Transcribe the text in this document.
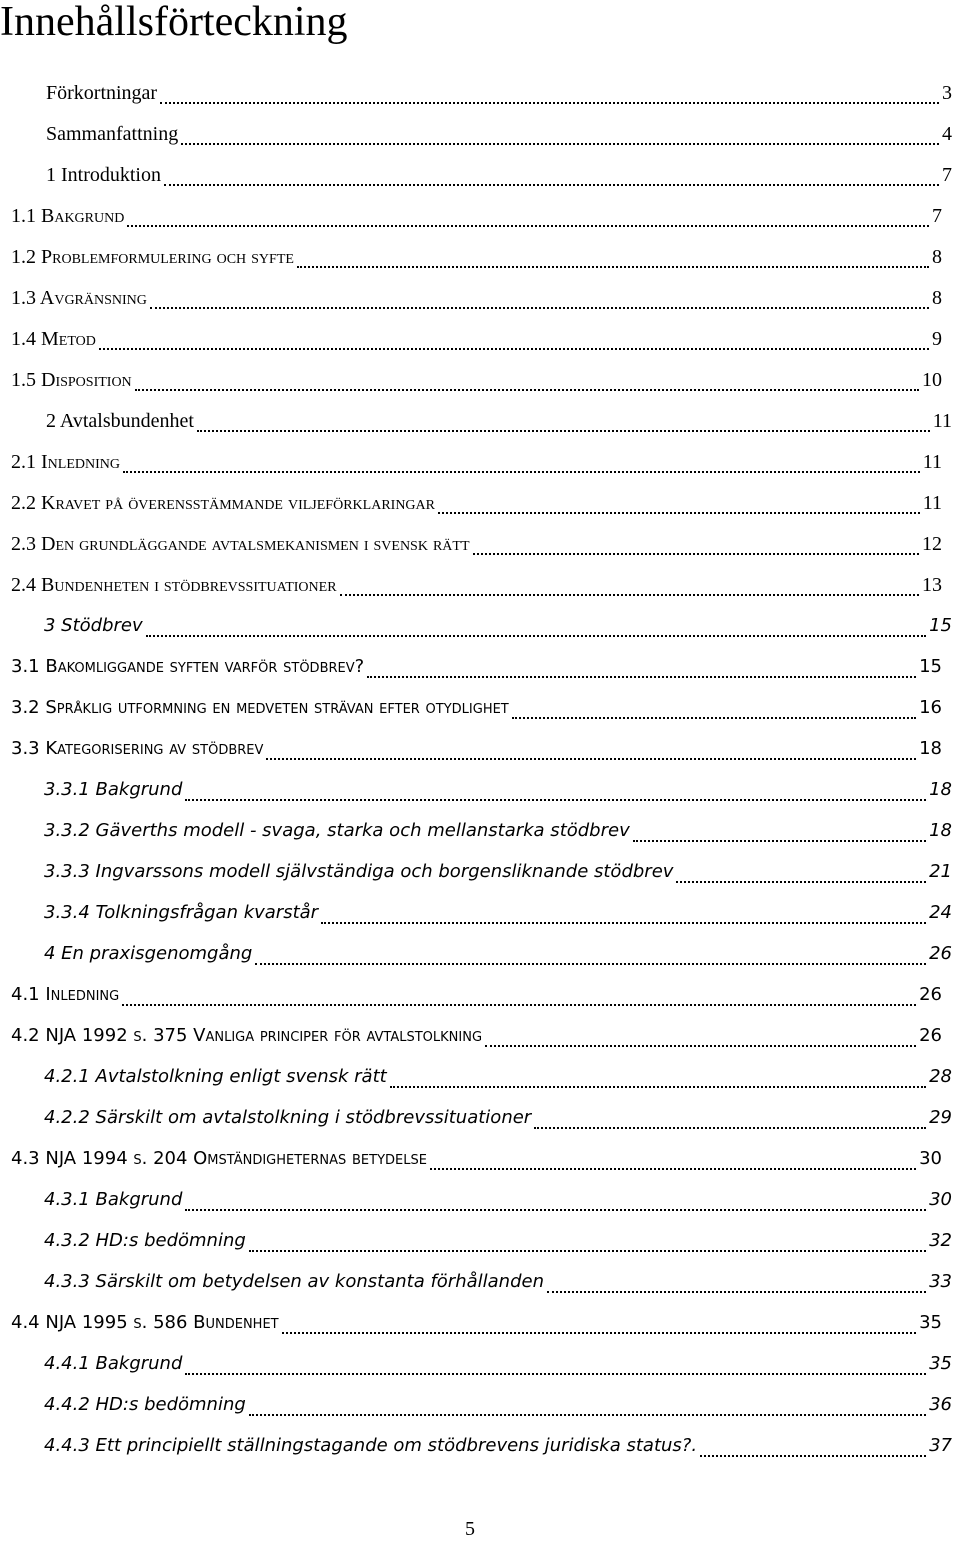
Innehållsförteckning
Förkortningar	3
Sammanfattning	4
1 Introduktion	7
1.1 Bakgrund	7
1.2 Problemformulering och syfte	8
1.3 Avgränsning	8
1.4 Metod	9
1.5 Disposition	10
2 Avtalsbundenhet	11
2.1 Inledning	11
2.2 Kravet på överensstämmande viljeförklaringar	11
2.3 Den grundläggande avtalsmekanismen i svensk rätt	12
2.4 Bundenheten i stödbrevssituationer	13
3 Stödbrev	15
3.1 Bakomliggande syften varför stödbrev?	15
3.2 Språklig utformning en medveten strävan efter otydlighet	16
3.3 Kategorisering av stödbrev	18
3.3.1 Bakgrund	18
3.3.2 Gäverths modell - svaga, starka och mellanstarka stödbrev	18
3.3.3 Ingvarssons modell självständiga och borgensliknande stödbrev	21
3.3.4 Tolkningsfrågan kvarstår	24
4 En praxisgenomgång	26
4.1 Inledning	26
4.2 NJA 1992 s. 375 Vanliga principer för avtalstolkning	26
4.2.1 Avtalstolkning enligt svensk rätt	28
4.2.2 Särskilt om avtalstolkning i stödbrevssituationer	29
4.3 NJA 1994 s. 204 Omständigheternas betydelse	30
4.3.1 Bakgrund	30
4.3.2 HD:s bedömning	32
4.3.3 Särskilt om betydelsen av konstanta förhållanden	33
4.4 NJA 1995 s. 586 Bundenhet	35
4.4.1 Bakgrund	35
4.4.2 HD:s bedömning	36
4.4.3 Ett principiellt ställningstagande om stödbrevens juridiska status?.	37
5
